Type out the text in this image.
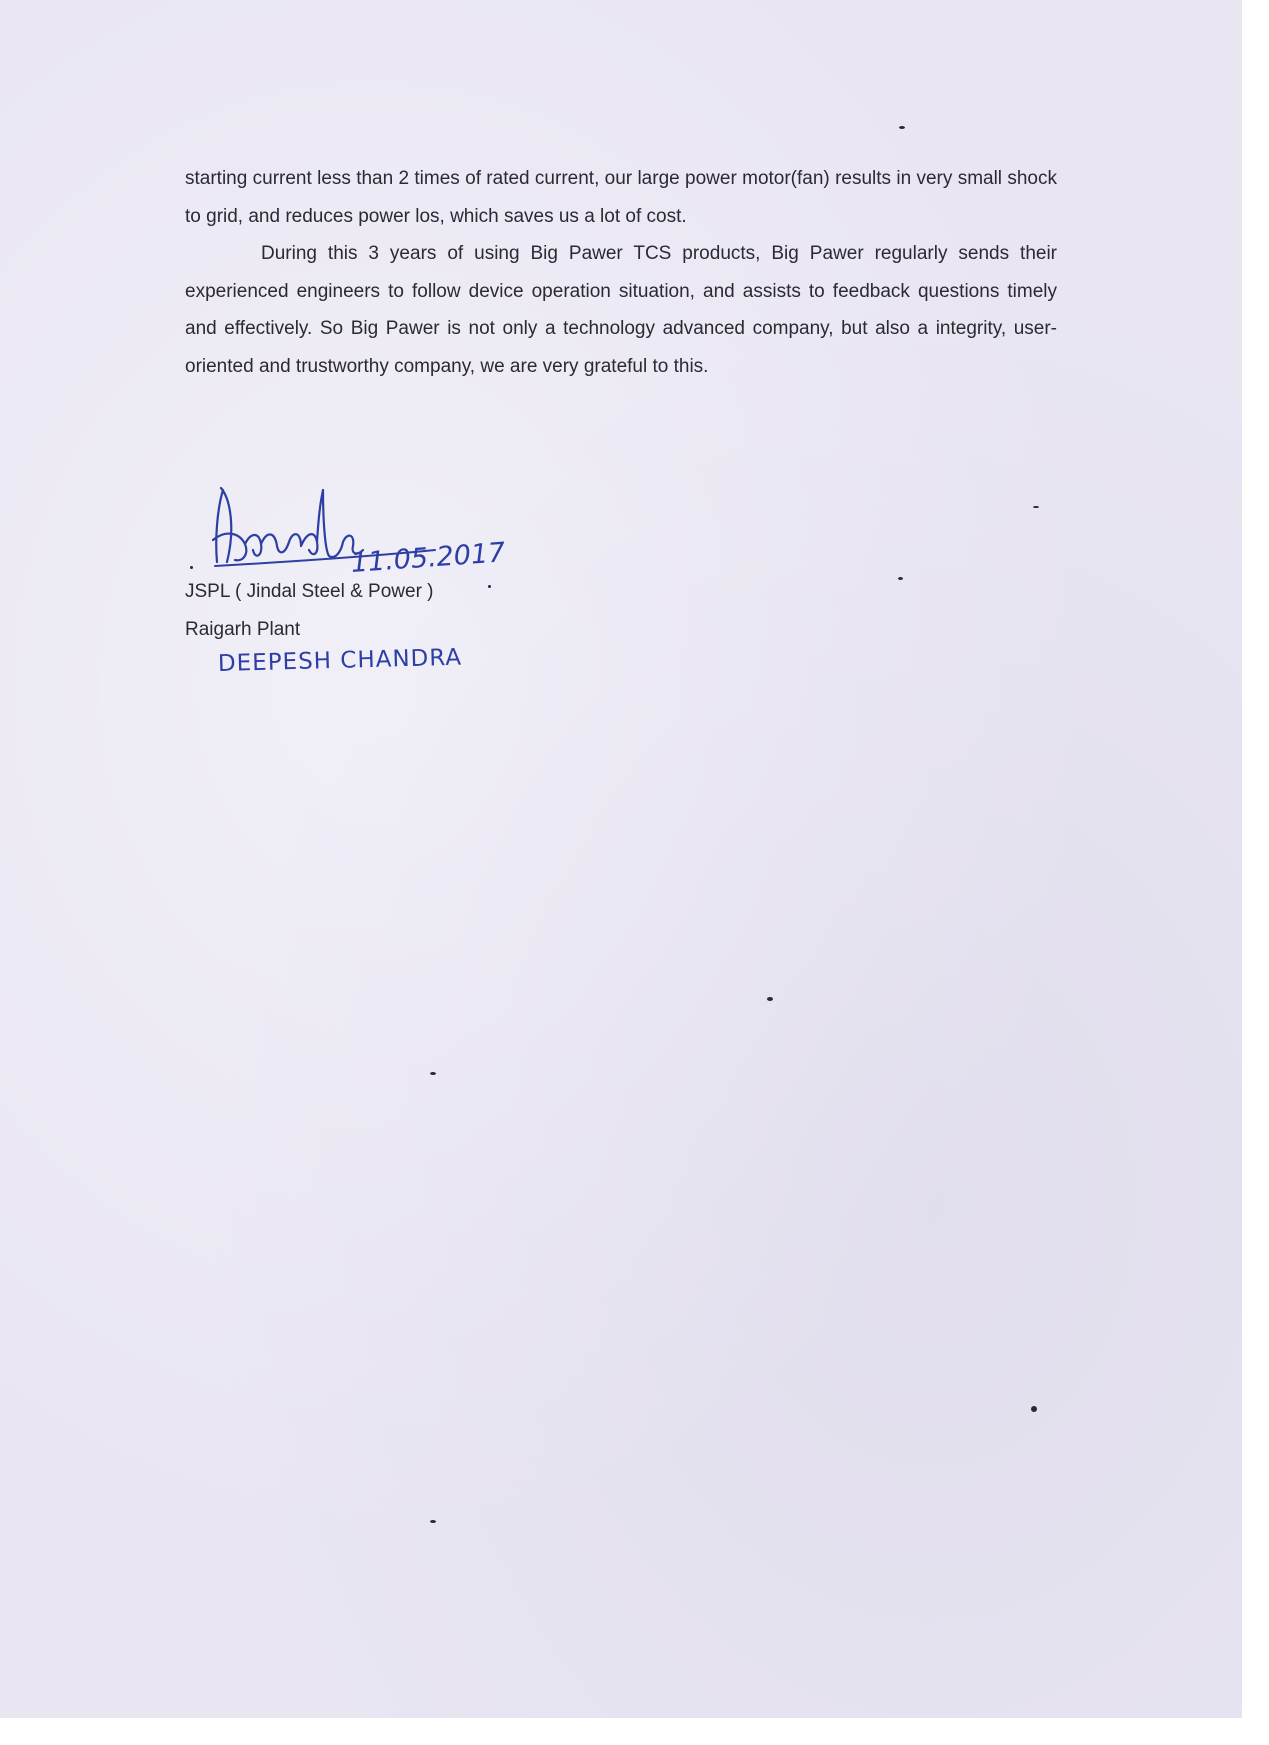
starting current less than 2 times of rated current, our large power motor(fan) results in very small shock to grid, and reduces power los, which saves us a lot of cost.

During this 3 years of using Big Pawer TCS products, Big Pawer regularly sends their experienced engineers to follow device operation situation, and assists to feedback questions timely and effectively. So Big Pawer is not only a technology advanced company, but also a integrity, user-oriented and trustworthy company, we are very grateful to this.

11.05.2017
JSPL ( Jindal Steel & Power )
Raigarh Plant
DEEPESH CHANDRA
